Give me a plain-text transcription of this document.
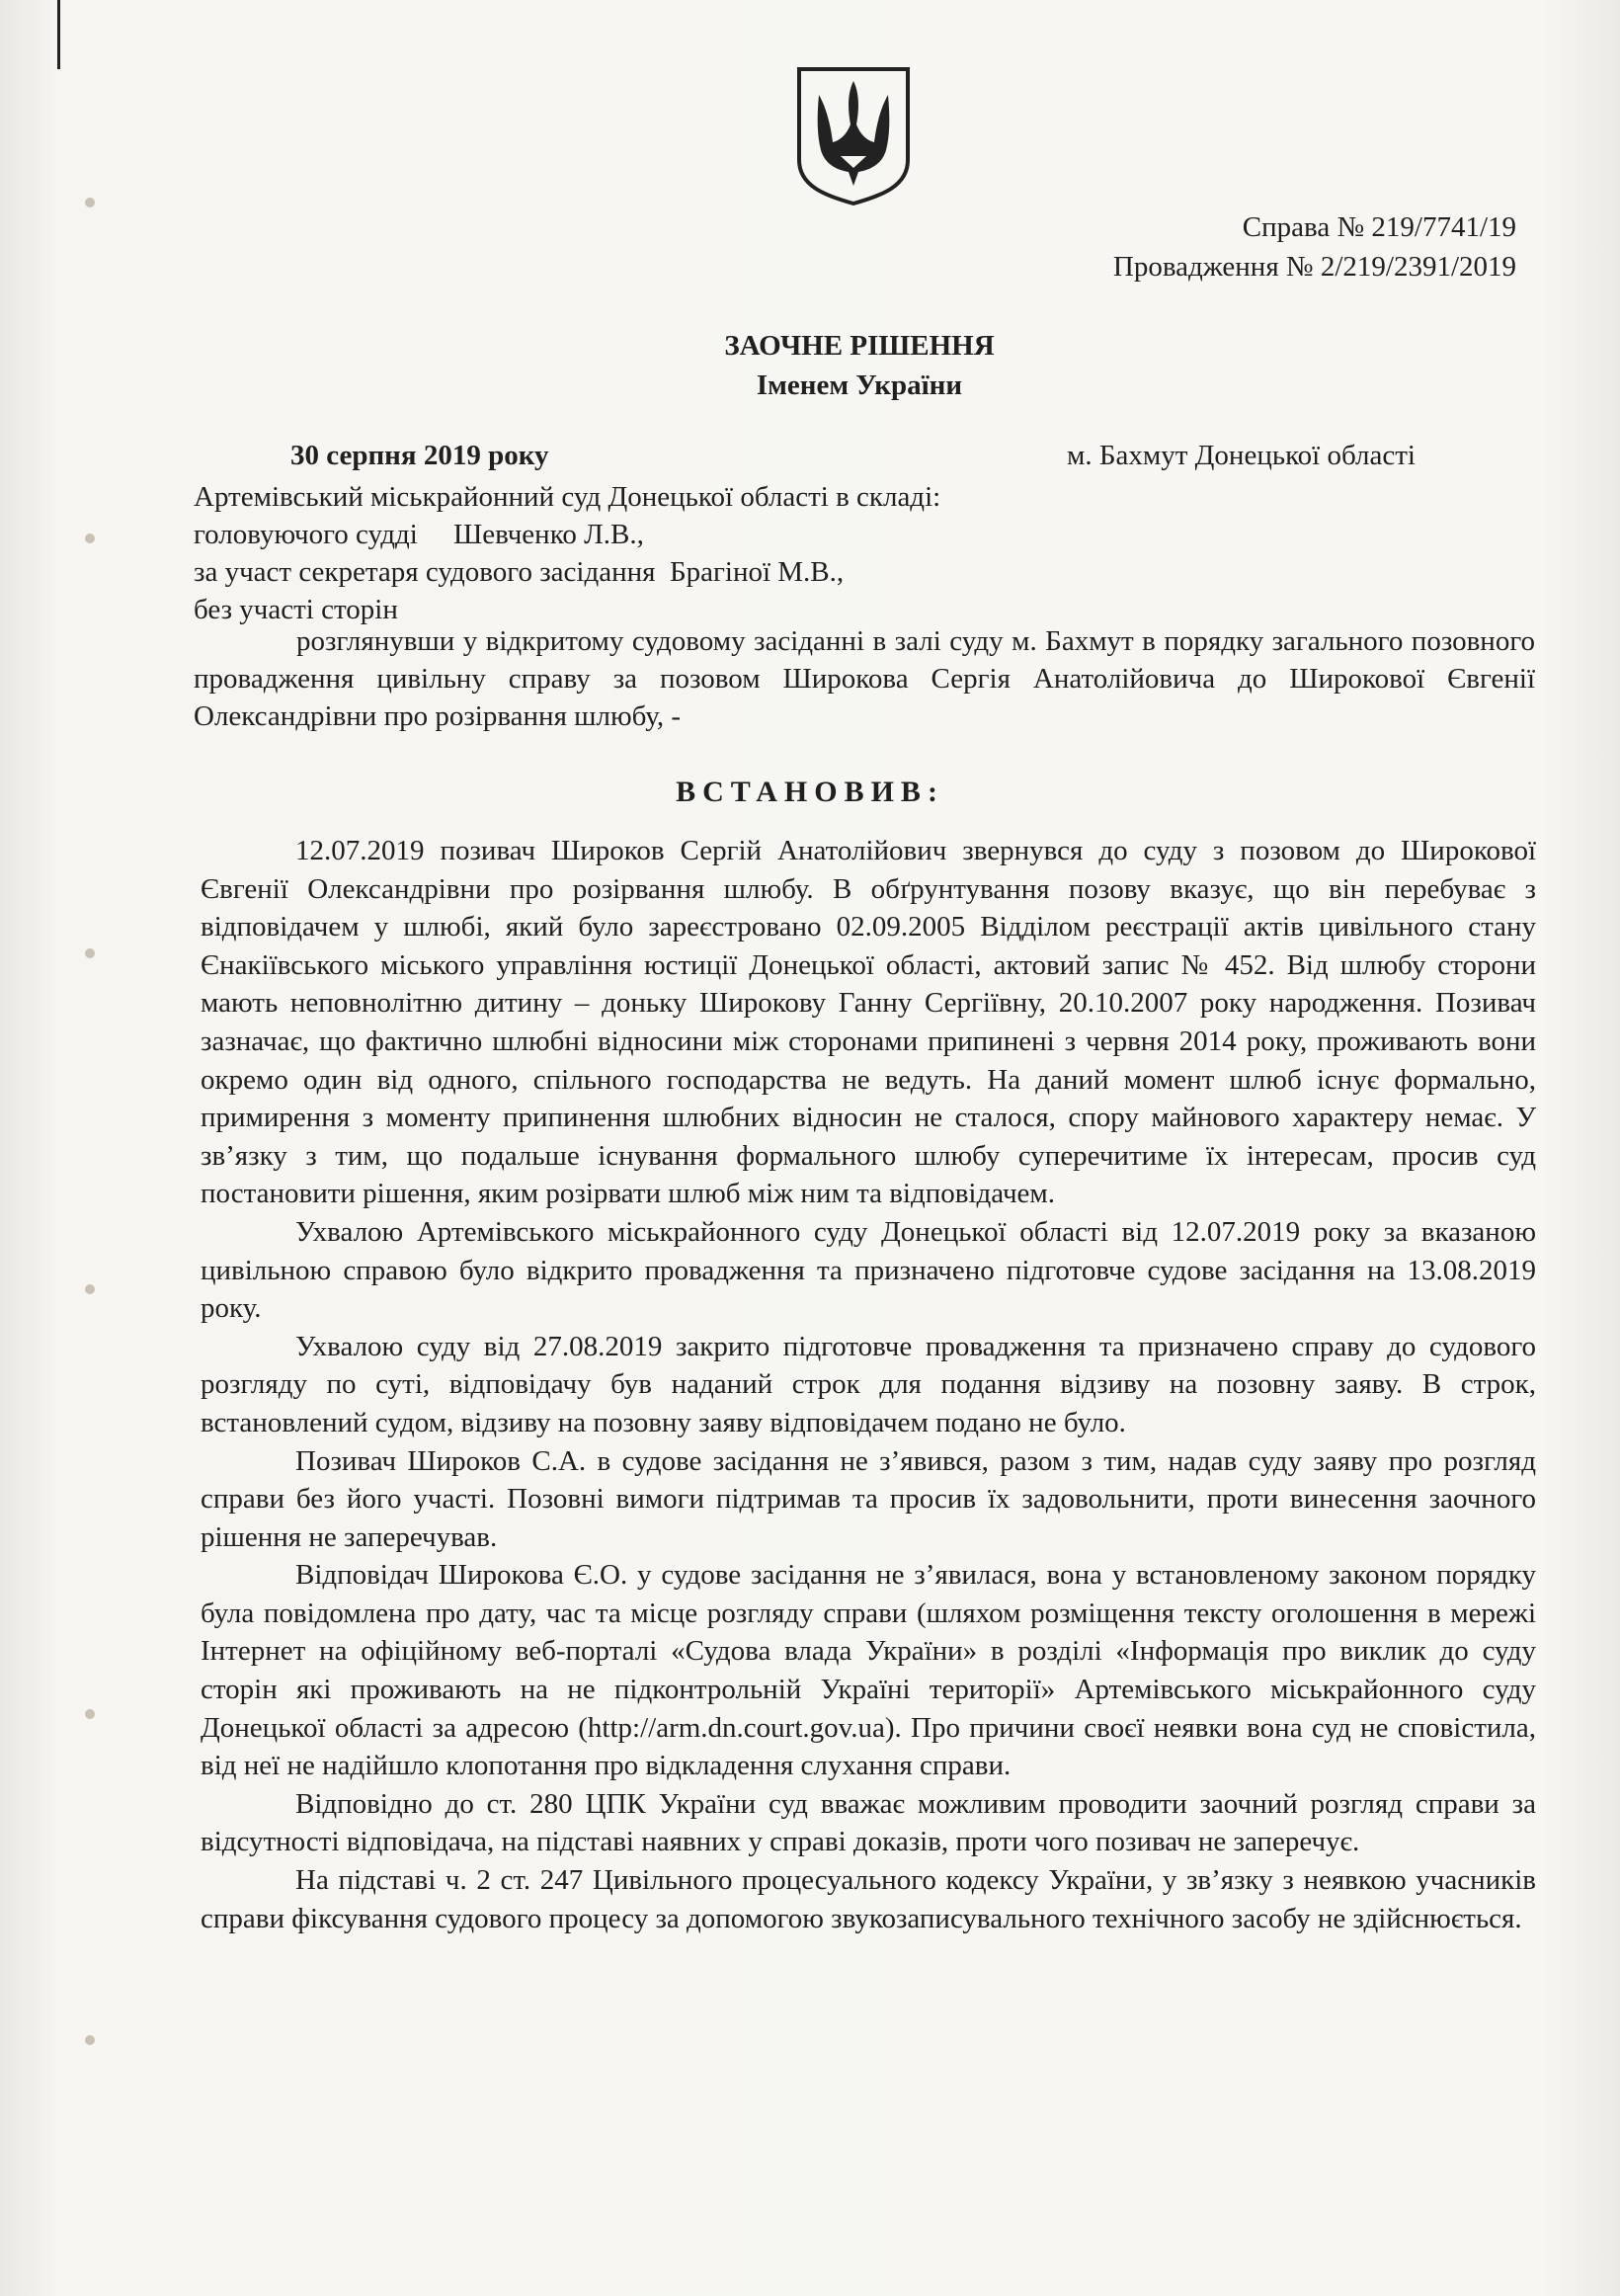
Справа № 219/7741/19
Провадження № 2/219/2391/2019
ЗАОЧНЕ РІШЕННЯ
Іменем України
30 серпня 2019 року	м. Бахмут Донецької області
Артемівський міськрайонний суд Донецької області в складі:
головуючого судді     Шевченко Л.В.,
за участ секретаря судового засідання  Брагіної М.В.,
без участі сторін
розглянувши у відкритому судовому засіданні в залі суду м. Бахмут в порядку загального позовного провадження цивільну справу за позовом Широкова Сергія Анатолійовича до Широкової Євгенії Олександрівни про розірвання шлюбу, -
ВСТАНОВИВ:

12.07.2019 позивач Широков Сергій Анатолійович звернувся до суду з позовом до Широкової Євгенії Олександрівни про розірвання шлюбу. В обґрунтування позову вказує, що він перебуває з відповідачем у шлюбі, який було зареєстровано 02.09.2005 Відділом реєстрації актів цивільного стану Єнакіївського міського управління юстиції Донецької області, актовий запис № 452. Від шлюбу сторони мають неповнолітню дитину – доньку Широкову Ганну Сергіївну, 20.10.2007 року народження. Позивач зазначає, що фактично шлюбні відносини між сторонами припинені з червня 2014 року, проживають вони окремо один від одного, спільного господарства не ведуть. На даний момент шлюб існує формально, примирення з моменту припинення шлюбних відносин не сталося, спору майнового характеру немає. У зв’язку з тим, що подальше існування формального шлюбу суперечитиме їх інтересам, просив суд постановити рішення, яким розірвати шлюб між ним та відповідачем.

Ухвалою Артемівського міськрайонного суду Донецької області від 12.07.2019 року за вказаною цивільною справою було відкрито провадження та призначено підготовче судове засідання на 13.08.2019 року.

Ухвалою суду від 27.08.2019 закрито підготовче провадження та призначено справу до судового розгляду по суті, відповідачу був наданий строк для подання відзиву на позовну заяву. В строк, встановлений судом, відзиву на позовну заяву відповідачем подано не було.

Позивач Широков С.А. в судове засідання не з’явився, разом з тим, надав суду заяву про розгляд справи без його участі. Позовні вимоги підтримав та просив їх задовольнити, проти винесення заочного рішення не заперечував.

Відповідач Широкова Є.О. у судове засідання не з’явилася, вона у встановленому законом порядку була повідомлена про дату, час та місце розгляду справи (шляхом розміщення тексту оголошення в мережі Інтернет на офіційному веб-порталі «Судова влада України» в розділі «Інформація про виклик до суду сторін які проживають на не підконтрольній Україні території» Артемівського міськрайонного суду Донецької області за адресою (http://arm.dn.court.gov.ua). Про причини своєї неявки вона суд не сповістила, від неї не надійшло клопотання про відкладення слухання справи.

Відповідно до ст. 280 ЦПК України суд вважає можливим проводити заочний розгляд справи за відсутності відповідача, на підставі наявних у справі доказів, проти чого позивач не заперечує.

На підставі ч. 2 ст. 247 Цивільного процесуального кодексу України, у зв’язку з неявкою учасників справи фіксування судового процесу за допомогою звукозаписувального технічного засобу не здійснюється.
